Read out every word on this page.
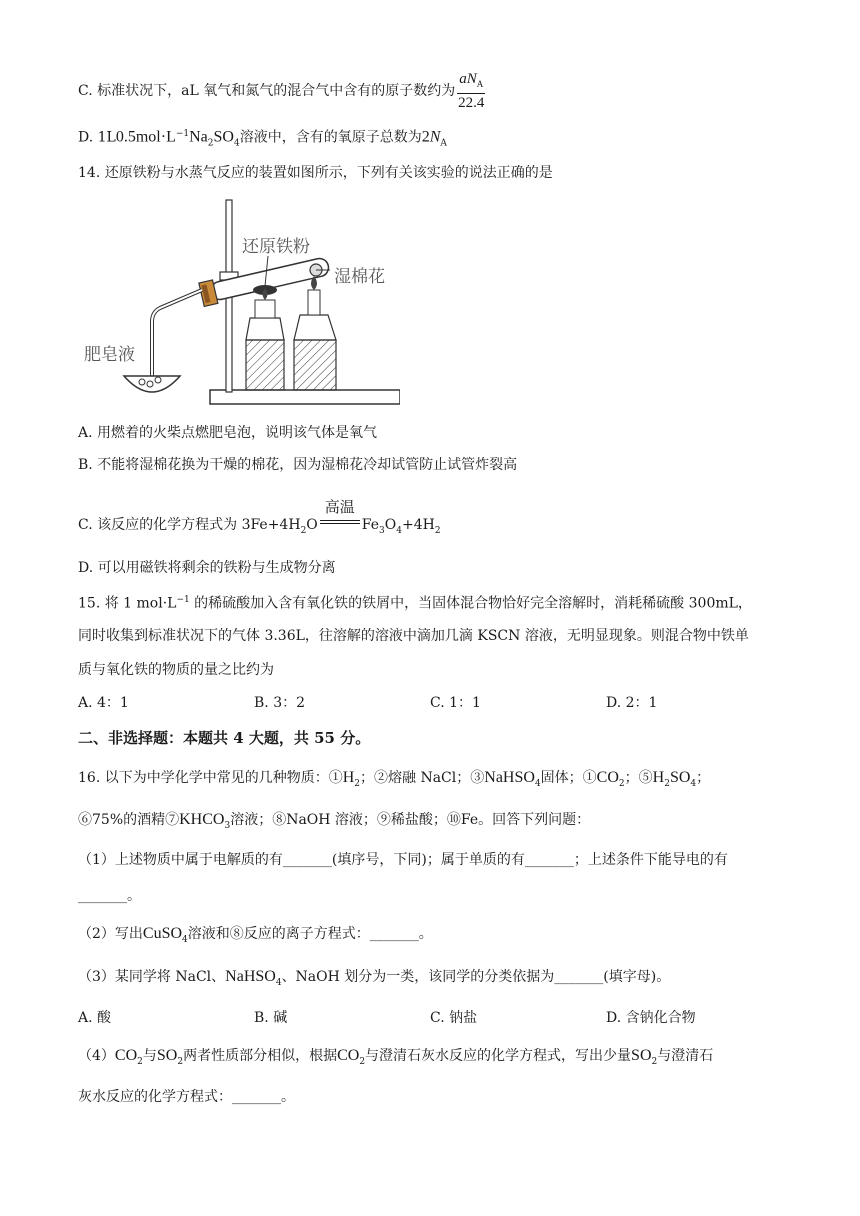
C. 标准状况下，aL 氧气和氮气的混合气中含有的原子数约为 $\frac{aN_A}{22.4}$
D. $1L0.5mol\cdot L^{-1}Na_2SO_4$溶液中，含有的氧原子总数为$2N_A$
14. 还原铁粉与水蒸气反应的装置如图所示，下列有关该实验的说法正确的是
还原铁粉
湿棉花
肥皂液
A. 用燃着的火柴点燃肥皂泡，说明该气体是氧气
B. 不能将湿棉花换为干燥的棉花，因为湿棉花冷却试管防止试管炸裂高
C. 该反应的化学方程式为 $3Fe+4H_2O$
高温
$Fe_3O_4+4H_2$
D. 可以用磁铁将剩余的铁粉与生成物分离
15. 将 1 $mol\cdot L^{-1}$ 的稀硫酸加入含有氧化铁的铁屑中，当固体混合物恰好完全溶解时，消耗稀硫酸 300mL，
同时收集到标准状况下的气体 3.36L，往溶解的溶液中滴加几滴 KSCN 溶液，无明显现象。则混合物中铁单
质与氧化铁的物质的量之比约为
A. 4：1	B. 3：2	C. 1：1	D. 2：1
二、非选择题：本题共 4 大题，共 55 分。
16. 以下为中学化学中常见的几种物质：$①H_2$；②熔融 NaCl；③NaHSO$_4$固体；$①CO_2$；$⑤H_2SO_4$；
⑥75%的酒精$⑦KHCO_3$溶液；⑧NaOH 溶液；⑨稀盐酸；⑩Fe。回答下列问题：
（1）上述物质中属于电解质的有_______(填序号，下同)；属于单质的有_______；上述条件下能导电的有
_______。
（2）写出CuSO$_4$溶液和⑧反应的离子方程式：_______。
（3）某同学将 NaCl、NaHSO$_4$、NaOH 划分为一类，该同学的分类依据为_______(填字母)。
A. 酸	B. 碱	C. 钠盐	D. 含钠化合物
$(4)CO_2$与$SO_2$两者性质部分相似，根据$CO_2$与澄清石灰水反应的化学方程式，写出少量$SO_2$与澄清石
灰水反应的化学方程式：_______。
